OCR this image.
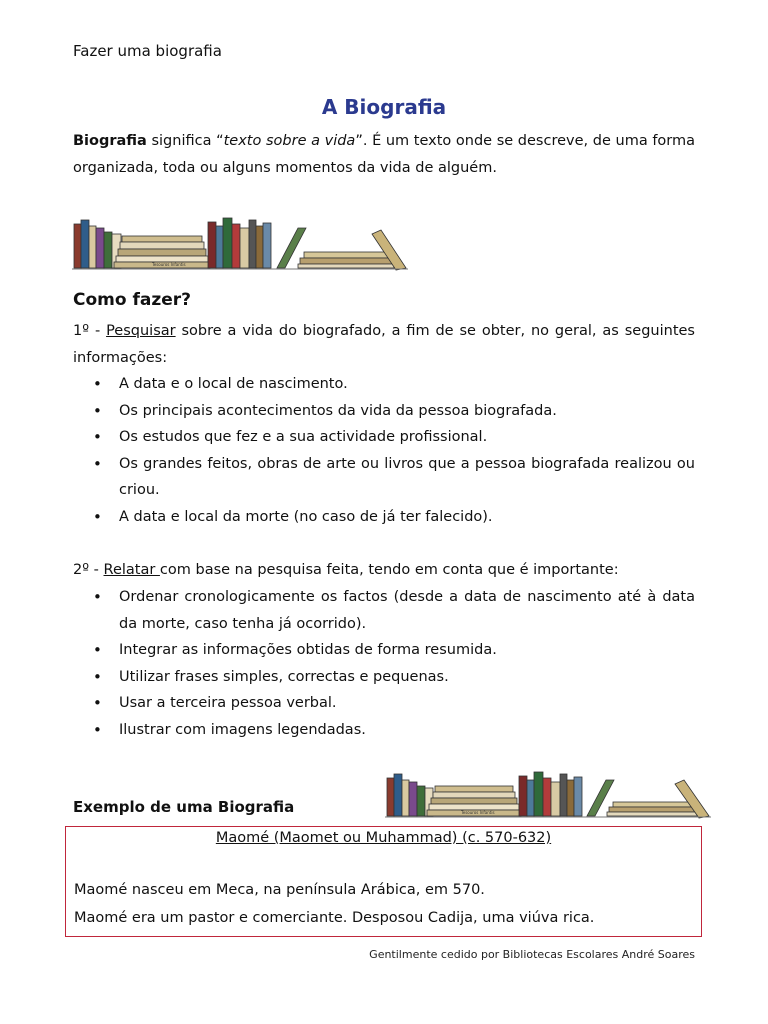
Fazer uma biografia
A Biografia
Biografia significa “texto sobre a vida”. É um texto onde se descreve, de uma forma organizada, toda ou alguns momentos da vida de alguém.
Tesouros Infantis
Como fazer?
1º - Pesquisar sobre a vida do biografado, a fim de se obter, no geral, as seguintes informações:
• A data e o local de nascimento.
• Os principais acontecimentos da vida da pessoa biografada.
• Os estudos que fez e a sua actividade profissional.
• Os grandes feitos, obras de arte ou livros que a pessoa biografada realizou ou criou.
• A data e local da morte (no caso de já ter falecido).
2º - Relatar com base na pesquisa feita, tendo em conta que é importante:
• Ordenar cronologicamente os factos (desde a data de nascimento até à data da morte, caso tenha já ocorrido).
• Integrar as informações obtidas de forma resumida.
• Utilizar frases simples, correctas e pequenas.
• Usar a terceira pessoa verbal.
• Ilustrar com imagens legendadas.
Exemplo de uma Biografia	Tesouros Infantis
Maomé (Maomet ou Muhammad) (c. 570-632)
Maomé nasceu em Meca, na península Arábica, em 570.
Maomé era um pastor e comerciante. Desposou Cadija, uma viúva rica.
Gentilmente cedido por Bibliotecas Escolares André Soares
